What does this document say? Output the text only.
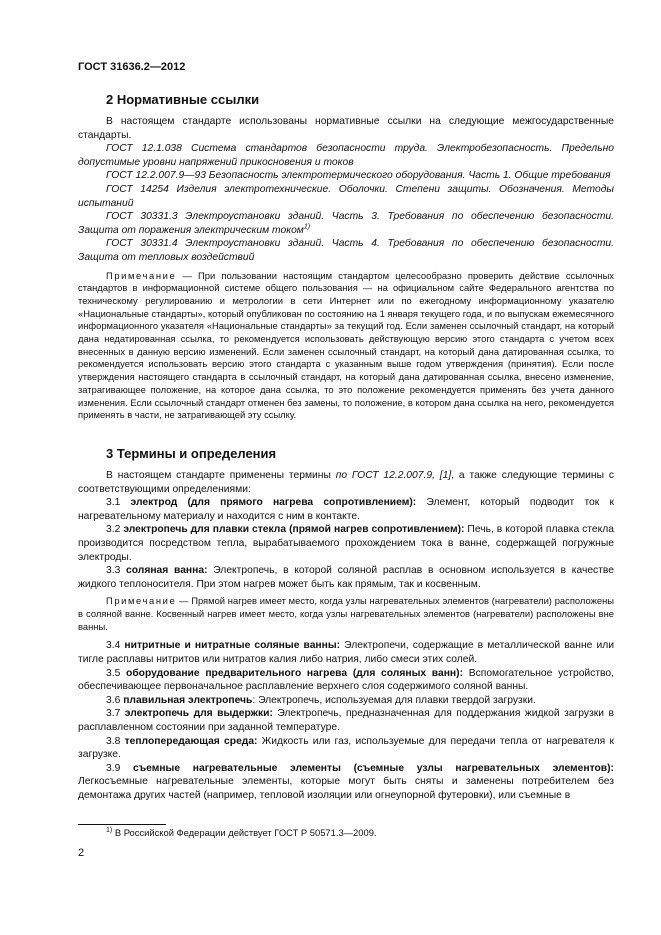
ГОСТ 31636.2—2012
2 Нормативные ссылки

В настоящем стандарте использованы нормативные ссылки на следующие межгосударственные стандарты.

ГОСТ 12.1.038 Система стандартов безопасности труда. Электробезопасность. Предельно допустимые уровни напряжений прикосновения и токов

ГОСТ 12.2.007.9—93 Безопасность электротермического оборудования. Часть 1. Общие требования

ГОСТ 14254 Изделия электротехнические. Оболочки. Степени защиты. Обозначения. Методы испытаний

ГОСТ 30331.3 Электроустановки зданий. Часть 3. Требования по обеспечению безопасности. Защита от поражения электрическим током$^{1)}$

ГОСТ 30331.4 Электроустановки зданий. Часть 4. Требования по обеспечению безопасности. Защита от тепловых воздействий

Примечание — При пользовании настоящим стандартом целесообразно проверить действие ссылочных стандартов в информационной системе общего пользования — на официальном сайте Федерального агентства по техническому регулированию и метрологии в сети Интернет или по ежегодному информационному указателю «Национальные стандарты», который опубликован по состоянию на 1 января текущего года, и по выпускам ежемесячного информационного указателя «Национальные стандарты» за текущий год. Если заменен ссылочный стандарт, на который дана недатированная ссылка, то рекомендуется использовать действующую версию этого стандарта с учетом всех внесенных в данную версию изменений. Если заменен ссылочный стандарт, на который дана датированная ссылка, то рекомендуется использовать версию этого стандарта с указанным выше годом утверждения (принятия). Если после утверждения настоящего стандарта в ссылочный стандарт, на который дана датированная ссылка, внесено изменение, затрагивающее положение, на которое дана ссылка, то это положение рекомендуется применять без учета данного изменения. Если ссылочный стандарт отменен без замены, то положение, в котором дана ссылка на него, рекомендуется применять в части, не затрагивающей эту ссылку.

3 Термины и определения

В настоящем стандарте применены термины по ГОСТ 12.2.007.9, [1], а также следующие термины с соответствующими определениями:

3.1 электрод (для прямого нагрева сопротивлением): Элемент, который подводит ток к нагревательному материалу и находится с ним в контакте.

3.2 электропечь для плавки стекла (прямой нагрев сопротивлением): Печь, в которой плавка стекла производится посредством тепла, вырабатываемого прохождением тока в ванне, содержащей погружные электроды.

3.3 соляная ванна: Электропечь, в которой соляной расплав в основном используется в качестве жидкого теплоносителя. При этом нагрев может быть как прямым, так и косвенным.

Примечание — Прямой нагрев имеет место, когда узлы нагревательных элементов (нагреватели) расположены в соляной ванне. Косвенный нагрев имеет место, когда узлы нагревательных элементов (нагреватели) расположены вне ванны.

3.4 нитритные и нитратные соляные ванны: Электропечи, содержащие в металлической ванне или тигле расплавы нитритов или нитратов калия либо натрия, либо смеси этих солей.

3.5 оборудование предварительного нагрева (для соляных ванн): Вспомогательное устройство, обеспечивающее первоначальное расплавление верхнего слоя содержимого соляной ванны.

3.6 плавильная электропечь: Электропечь, используемая для плавки твердой загрузки.

3.7 электропечь для выдержки: Электропечь, предназначенная для поддержания жидкой загрузки в расплавленном состоянии при заданной температуре.

3.8 теплопередающая среда: Жидкость или газ, используемые для передачи тепла от нагревателя к загрузке.

3.9 съемные нагревательные элементы (съемные узлы нагревательных элементов): Легкосъемные нагревательные элементы, которые могут быть сняты и заменены потребителем без демонтажа других частей (например, тепловой изоляции или огнеупорной футеровки), или съемные в

$^{1)}$ В Российской Федерации действует ГОСТ Р 50571.3—2009.
2
